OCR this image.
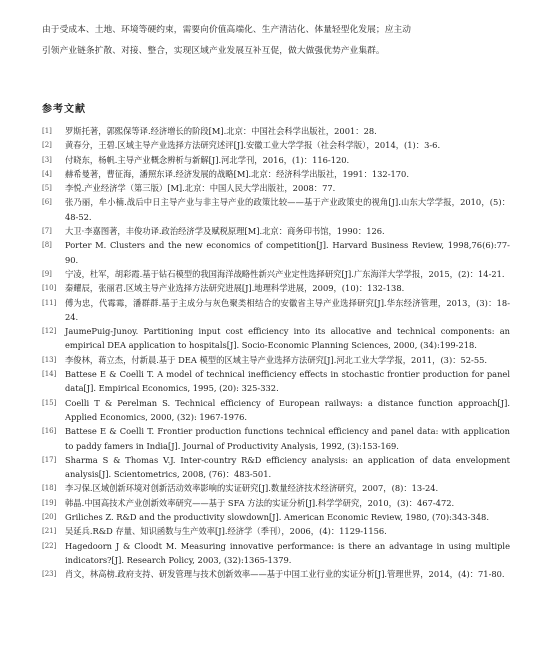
由于受成本、土地、环境等硬约束，需要向价值高端化、生产清洁化、体量轻型化发展；应主动

引领产业链条扩散、对接、整合，实现区域产业发展互补互促，做大做强优势产业集群。

参考文献
[1] 罗斯托著，郭熙保等译.经济增长的阶段[M].北京：中国社会科学出版社，2001：28.
[2] 黄春分，王碧.区域主导产业选择方法研究述评[J].安徽工业大学学报（社会科学版），2014，(1)：3-6.
[3] 付晓东，杨帆.主导产业概念辨析与新解[J].河北学刊，2016，(1)：116-120.
[4] 赫希曼著，曹征海，潘照东译.经济发展的战略[M].北京：经济科学出版社，1991：132-170.
[5] 李悦.产业经济学（第三版）[M].北京：中国人民大学出版社，2008：77.
[6] 张乃丽，牟小楠.战后中日主导产业与非主导产业的政策比较——基于产业政策史的视角[J].山东大学学报，2010，(5)：48-52.
[7] 大卫·李嘉图著，丰俊功译.政治经济学及赋税原理[M].北京：商务印书馆，1990：126.
[8] Porter M. Clusters and the new economics of competition[J]. Harvard Business Review, 1998,76(6):77-90.
[9] 宁凌，杜军，胡彩霞.基于钻石模型的我国海洋战略性新兴产业定性选择研究[J].广东海洋大学学报，2015，(2)：14-21.
[10] 秦耀辰，张丽君.区域主导产业选择方法研究进展[J].地理科学进展，2009，(10)：132-138.
[11] 傅为忠，代霉霉，潘群群.基于主成分与灰色聚类相结合的安徽省主导产业选择研究[J].华东经济管理，2013，(3)：18-24.
[12] JaumePuig-Junoy. Partitioning input cost efficiency into its allocative and technical components: an empirical DEA application to hospitals[J]. Socio-Economic Planning Sciences, 2000, (34):199-218.
[13] 李俊林，蒋立杰，付新晨.基于 DEA 模型的区域主导产业选择方法研究[J].河北工业大学学报，2011，(3)：52-55.
[14] Battese E & Coelli T. A model of technical inefficiency effects in stochastic frontier production for panel data[J]. Empirical Economics, 1995, (20): 325-332.
[15] Coelli T & Perelman S. Technical efficiency of European railways: a distance function approach[J]. Applied Economics, 2000, (32): 1967-1976.
[16] Battese E & Coelli T. Frontier production functions technical efficiency and panel data: with application to paddy famers in India[J]. Journal of Productivity Analysis, 1992, (3):153-169.
[17] Sharma S & Thomas V.J. Inter-country R&D efficiency analysis: an application of data envelopment analysis[J]. Scientometrics, 2008, (76)：483-501.
[18] 李习保.区域创新环境对创新活动效率影响的实证研究[J].数量经济技术经济研究，2007，(8)：13-24.
[19] 韩晶.中国高技术产业创新效率研究——基于 SFA 方法的实证分析[J].科学学研究，2010，(3)：467-472.
[20] Griliches Z. R&D and the productivity slowdown[J]. American Economic Review, 1980, (70):343-348.
[21] 吴延兵.R&D 存量、知识函数与生产效率[J].经济学（季刊），2006，(4)：1129-1156.
[22] Hagedoorn J & Cloodt M. Measuring innovative performance: is there an advantage in using multiple indicators?[J]. Research Policy, 2003, (32):1365-1379.
[23] 肖文，林高榜.政府支持、研发管理与技术创新效率——基于中国工业行业的实证分析[J].管理世界，2014，(4)：71-80.
